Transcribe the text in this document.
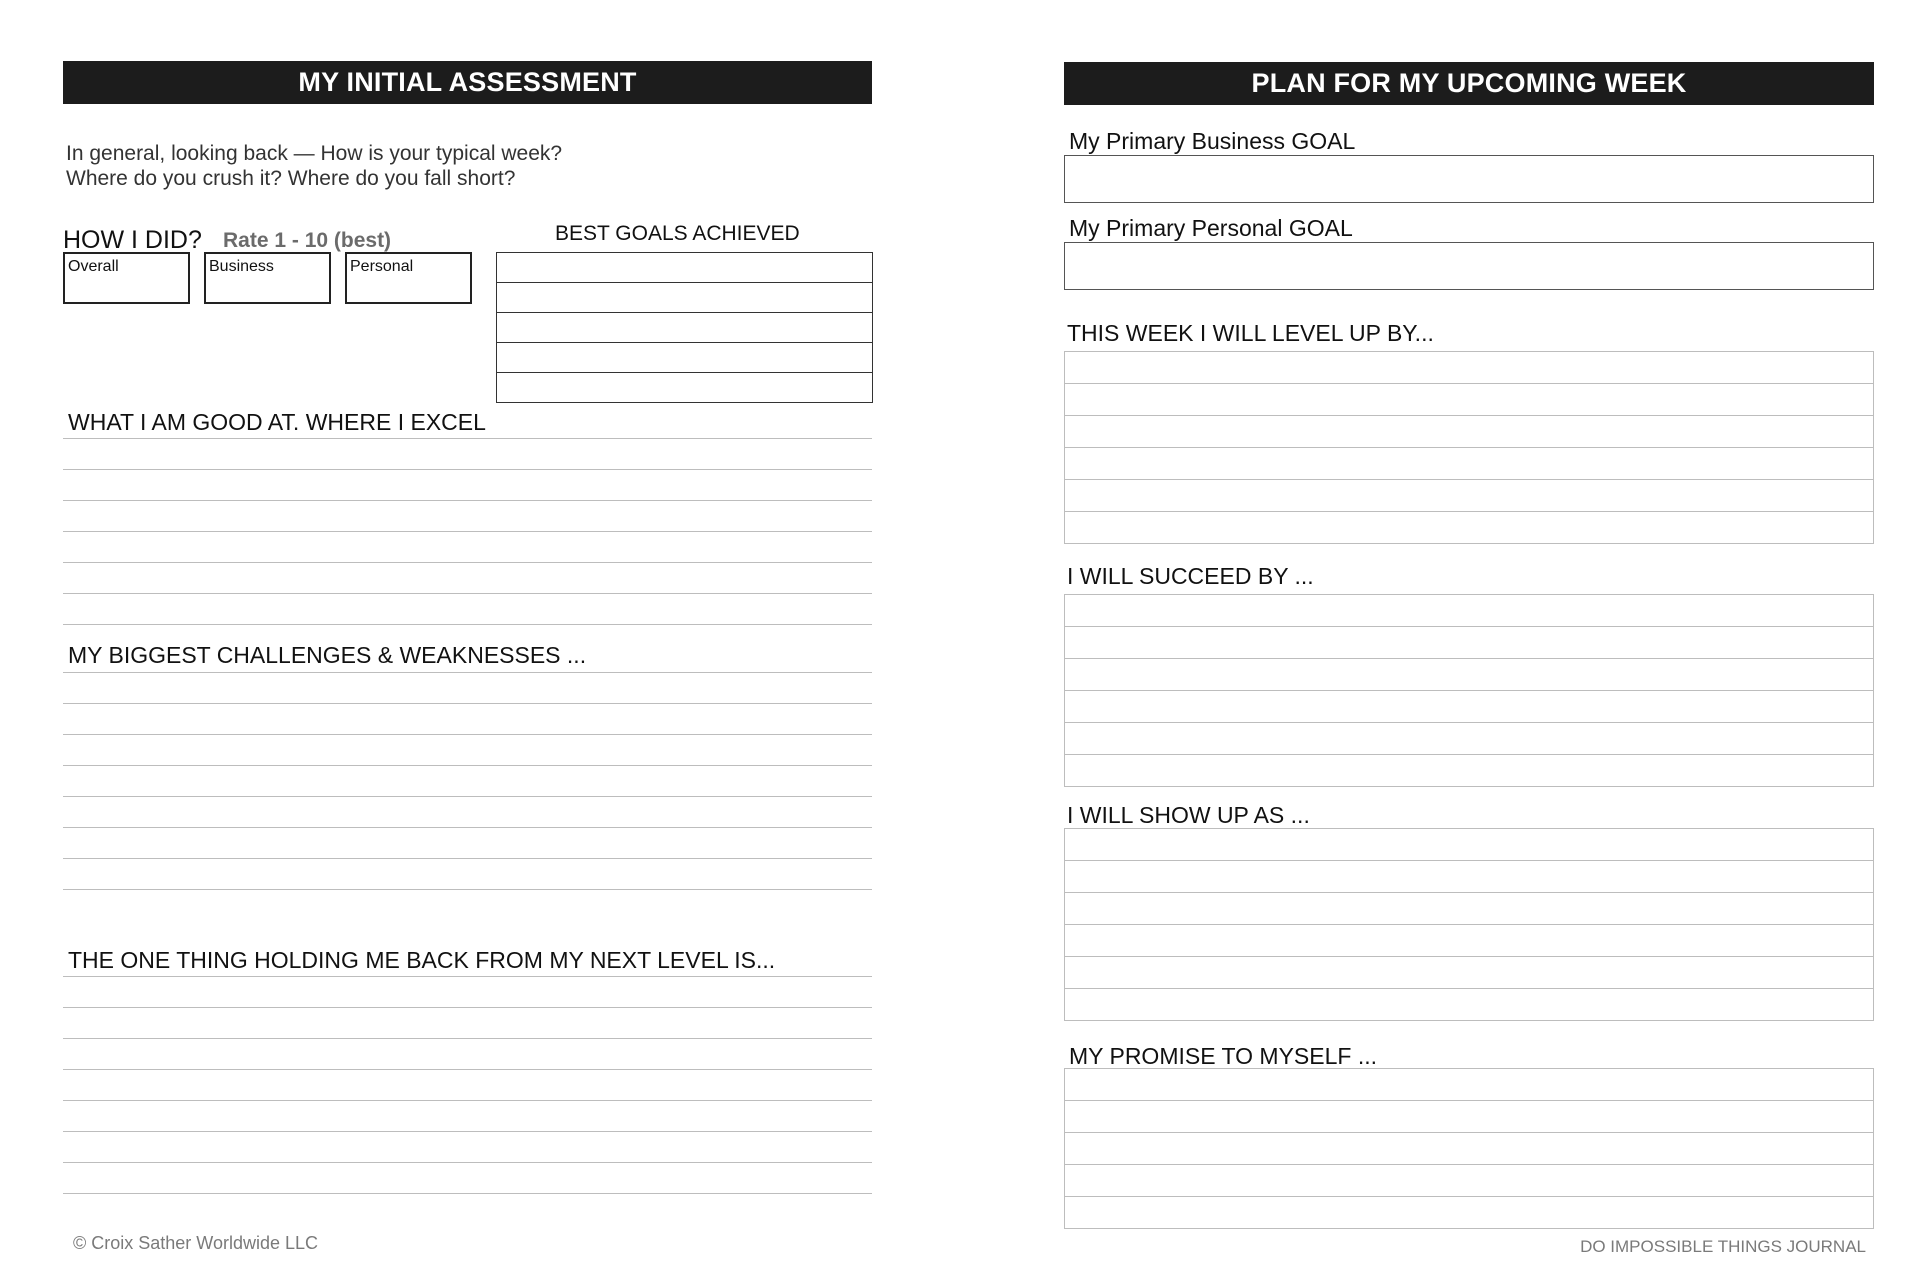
MY INITIAL ASSESSMENT
In general, looking back — How is your typical week?
Where do you crush it? Where do you fall short?
HOW I DID? Rate 1 - 10 (best)
Overall	Business	Personal
BEST GOALS ACHIEVED
WHAT I AM GOOD AT. WHERE I EXCEL
MY BIGGEST CHALLENGES & WEAKNESSES ...
THE ONE THING HOLDING ME BACK FROM MY NEXT LEVEL IS...
© Croix Sather Worldwide LLC
PLAN FOR MY UPCOMING WEEK
My Primary Business GOAL
My Primary Personal GOAL
THIS WEEK I WILL LEVEL UP BY...
I WILL SUCCEED BY ...
I WILL SHOW UP AS ...
MY PROMISE TO MYSELF ...
DO IMPOSSIBLE THINGS JOURNAL
